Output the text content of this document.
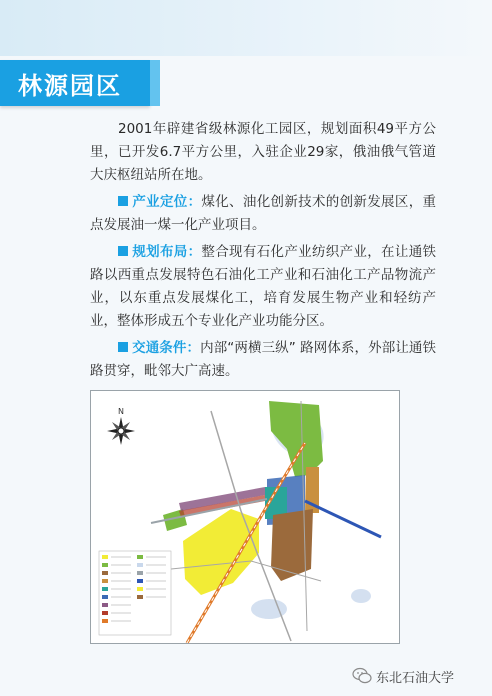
林源园区

2001年辟建省级林源化工园区，规划面积49平方公里，已开发6.7平方公里，入驻企业29家，俄油俄气管道大庆枢纽站所在地。

产业定位：煤化、油化创新技术的创新发展区，重点发展油一煤一化产业项目。

规划布局：整合现有石化产业纺织产业，在让通铁路以西重点发展特色石油化工产业和石油化工产品物流产业，以东重点发展煤化工，培育发展生物产业和轻纺产业，整体形成五个专业化产业功能分区。

交通条件：内部“两横三纵” 路网体系，外部让通铁路贯穿，毗邻大广高速。

N
东北石油大学
